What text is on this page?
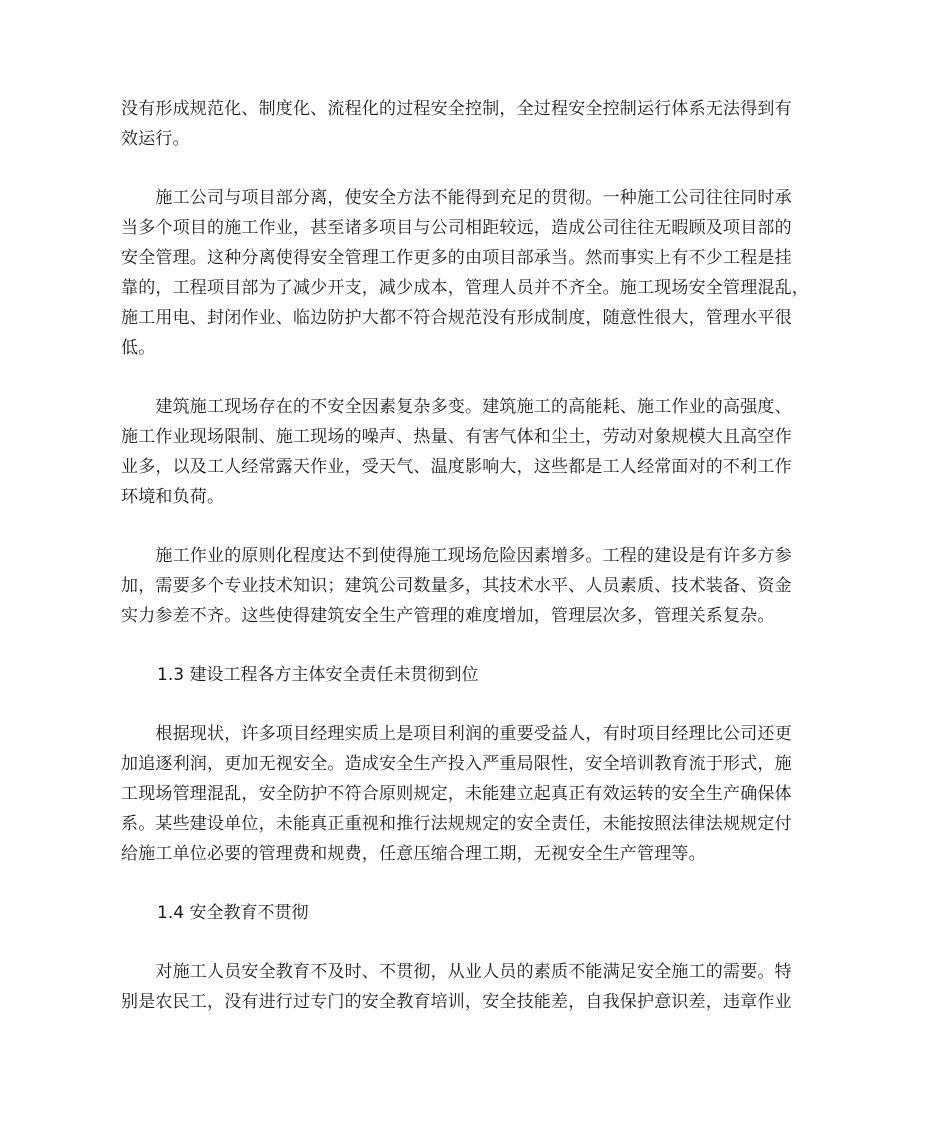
没有形成规范化、制度化、流程化的过程安全控制，全过程安全控制运行体系无法得到有
效运行。

　　施工公司与项目部分离，使安全方法不能得到充足的贯彻。一种施工公司往往同时承
当多个项目的施工作业，甚至诸多项目与公司相距较远，造成公司往往无暇顾及项目部的
安全管理。这种分离使得安全管理工作更多的由项目部承当。然而事实上有不少工程是挂
靠的，工程项目部为了减少开支，减少成本，管理人员并不齐全。施工现场安全管理混乱，
施工用电、封闭作业、临边防护大都不符合规范没有形成制度，随意性很大，管理水平很
低。

　　建筑施工现场存在的不安全因素复杂多变。建筑施工的高能耗、施工作业的高强度、
施工作业现场限制、施工现场的噪声、热量、有害气体和尘土，劳动对象规模大且高空作
业多，以及工人经常露天作业，受天气、温度影响大，这些都是工人经常面对的不利工作
环境和负荷。

　　施工作业的原则化程度达不到使得施工现场危险因素增多。工程的建设是有许多方参
加，需要多个专业技术知识；建筑公司数量多，其技术水平、人员素质、技术装备、资金
实力参差不齐。这些使得建筑安全生产管理的难度增加，管理层次多，管理关系复杂。

1.3 建设工程各方主体安全责任未贯彻到位

　　根据现状，许多项目经理实质上是项目利润的重要受益人，有时项目经理比公司还更
加追逐利润，更加无视安全。造成安全生产投入严重局限性，安全培训教育流于形式，施
工现场管理混乱，安全防护不符合原则规定，未能建立起真正有效运转的安全生产确保体
系。某些建设单位，未能真正重视和推行法规规定的安全责任，未能按照法律法规规定付
给施工单位必要的管理费和规费，任意压缩合理工期，无视安全生产管理等。

1.4 安全教育不贯彻

　　对施工人员安全教育不及时、不贯彻，从业人员的素质不能满足安全施工的需要。特
别是农民工，没有进行过专门的安全教育培训，安全技能差，自我保护意识差，违章作业
